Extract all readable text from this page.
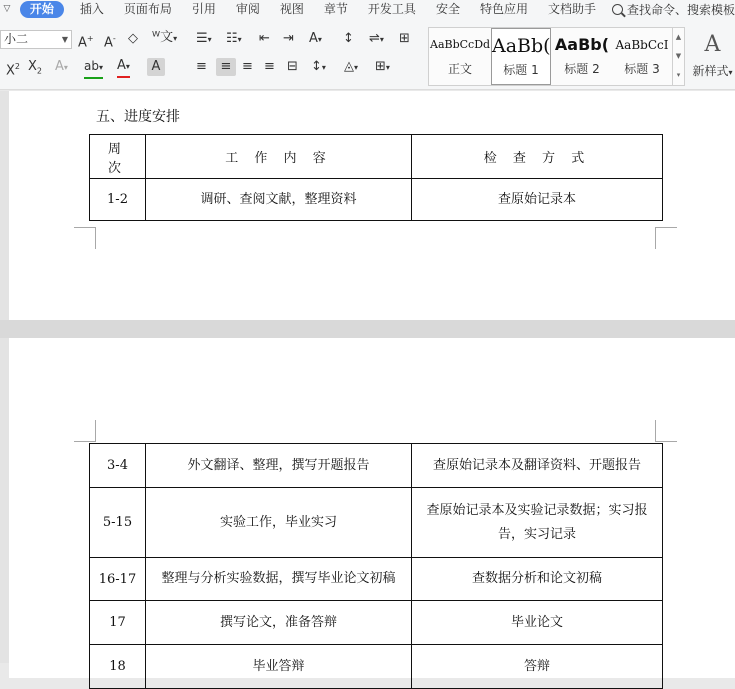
▽	开始	插入	页面布局	引用	审阅	视图	章节	开发工具	安全	特色应用	文档助手	查找命令、搜索模板
小二	▼ A+ A- ◇ ᵂ文▾
$X^2$ $X_2$ A▾ ab▾ A▾	A
☰▾ ☷▾ ⇤ ⇥ A▾ ↕ ⇌▾ ⊞
≡	≡ ≡ ≡ ⊟ ↕▾ ◬▾ ⊞▾
AaBbCcDd
正文
AaBb(
标题 1
AaBb(
标题 2
AaBbCcI
标题 3
▲
▼
▾
A
新样式▾
五、进度安排
周 次	工 作 内 容	检 查 方 式
1-2	调研、查阅文献，整理资料	查原始记录本
3-4	外文翻译、整理，撰写开题报告	查原始记录本及翻译资料、开题报告
5-15	实验工作，毕业实习	查原始记录本及实验记录数据；实习报告，实习记录
16-17	整理与分析实验数据，撰写毕业论文初稿	查数据分析和论文初稿
17	撰写论文，准备答辩	毕业论文
18	毕业答辩	答辩
